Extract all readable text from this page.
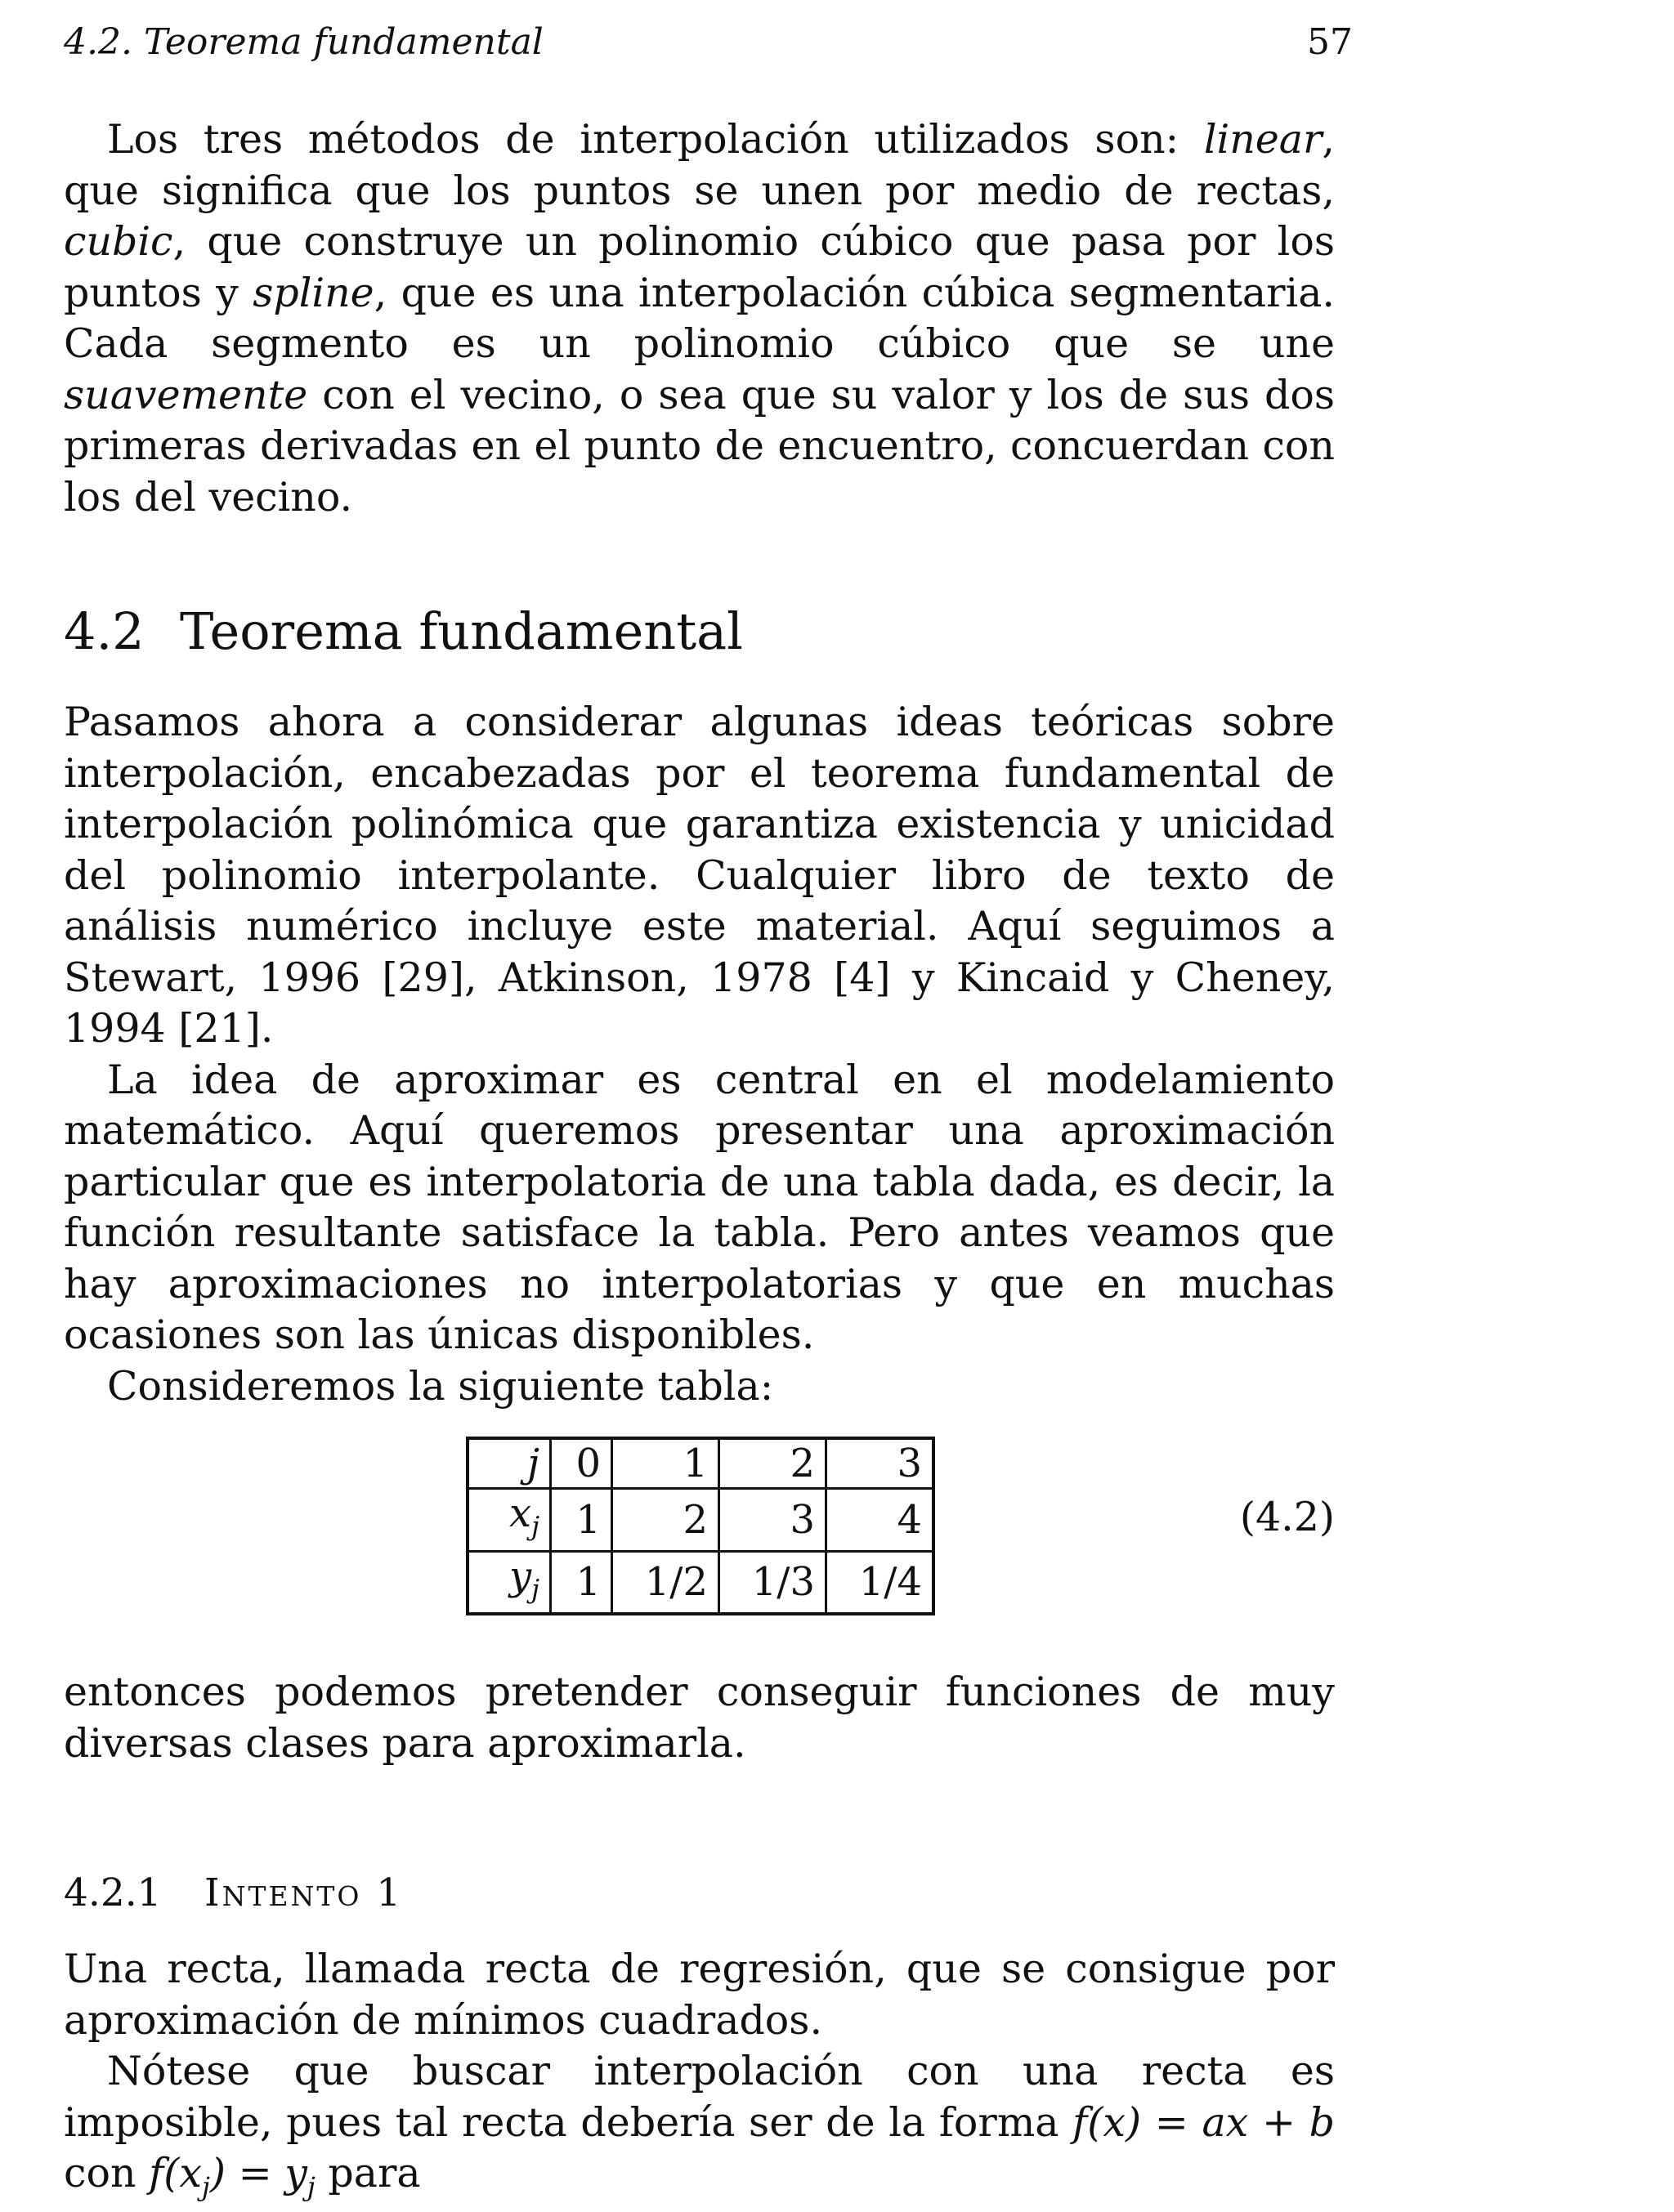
4.2. Teorema fundamental	57

Los tres métodos de interpolación utilizados son: linear, que significa que los puntos se unen por medio de rectas, cubic, que construye un polinomio cúbico que pasa por los puntos y spline, que es una interpolación cúbica segmentaria. Cada segmento es un polinomio cúbico que se une suavemente con el vecino, o sea que su valor y los de sus dos primeras derivadas en el punto de encuentro, concuerdan con los del vecino.

4.2 Teorema fundamental

Pasamos ahora a considerar algunas ideas teóricas sobre interpolación, encabezadas por el teorema fundamental de interpolación polinómica que garantiza existencia y unicidad del polinomio interpolante. Cualquier libro de texto de análisis numérico incluye este material. Aquí seguimos a Stewart, 1996 [29], Atkinson, 1978 [4] y Kincaid y Cheney, 1994 [21].

La idea de aproximar es central en el modelamiento matemático. Aquí queremos presentar una aproximación particular que es interpolatoria de una tabla dada, es decir, la función resultante satisface la tabla. Pero antes veamos que hay aproximaciones no interpolatorias y que en muchas ocasiones son las únicas disponibles.

Consideremos la siguiente tabla:

j	0	1	2	3
$x_j$	1	2	3	4
$y_j$	1	1/2	1/3	1/4
(4.2)

entonces podemos pretender conseguir funciones de muy diversas clases para aproximarla.

4.2.1 Intento 1

Una recta, llamada recta de regresión, que se consigue por aproximación de mínimos cuadrados.

Nótese que buscar interpolación con una recta es imposible, pues tal recta debería ser de la forma f(x) = ax + b con $f(x_j) = y_j$ para
